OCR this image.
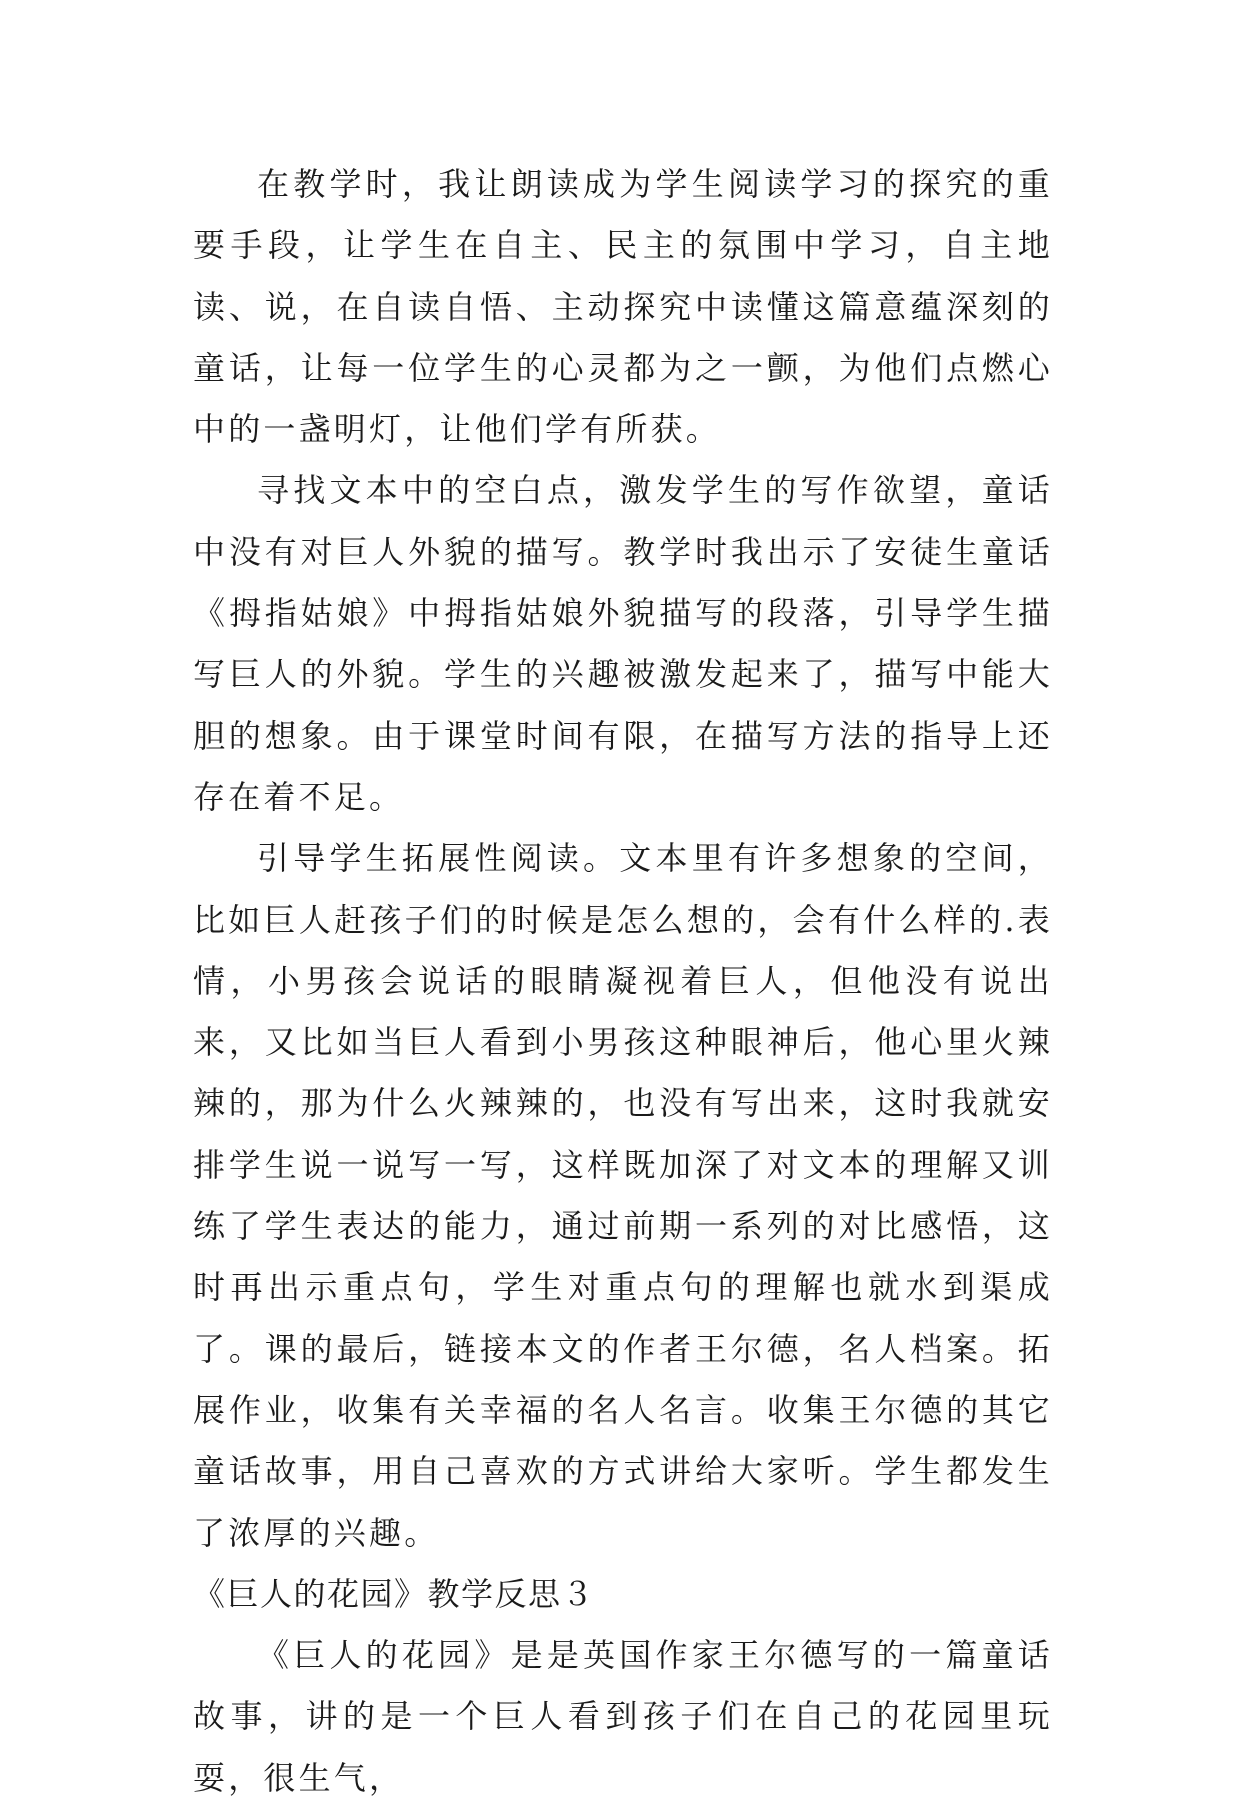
在教学时，我让朗读成为学生阅读学习的探究的重要手段，让学生在自主、民主的氛围中学习，自主地读、说，在自读自悟、主动探究中读懂这篇意蕴深刻的童话，让每一位学生的心灵都为之一颤，为他们点燃心中的一盏明灯，让他们学有所获。

寻找文本中的空白点，激发学生的写作欲望，童话中没有对巨人外貌的描写。教学时我出示了安徒生童话《拇指姑娘》中拇指姑娘外貌描写的段落，引导学生描写巨人的外貌。学生的兴趣被激发起来了，描写中能大胆的想象。由于课堂时间有限，在描写方法的指导上还存在着不足。

引导学生拓展性阅读。文本里有许多想象的空间，比如巨人赶孩子们的时候是怎么想的，会有什么样的.表情，小男孩会说话的眼睛凝视着巨人，但他没有说出来，又比如当巨人看到小男孩这种眼神后，他心里火辣辣的，那为什么火辣辣的，也没有写出来，这时我就安排学生说一说写一写，这样既加深了对文本的理解又训练了学生表达的能力，通过前期一系列的对比感悟，这时再出示重点句，学生对重点句的理解也就水到渠成了。课的最后，链接本文的作者王尔德，名人档案。拓展作业，收集有关幸福的名人名言。收集王尔德的其它童话故事，用自己喜欢的方式讲给大家听。学生都发生了浓厚的兴趣。

《巨人的花园》教学反思３

《巨人的花园》是是英国作家王尔德写的一篇童话故事，讲的是一个巨人看到孩子们在自己的花园里玩耍，很生气，
